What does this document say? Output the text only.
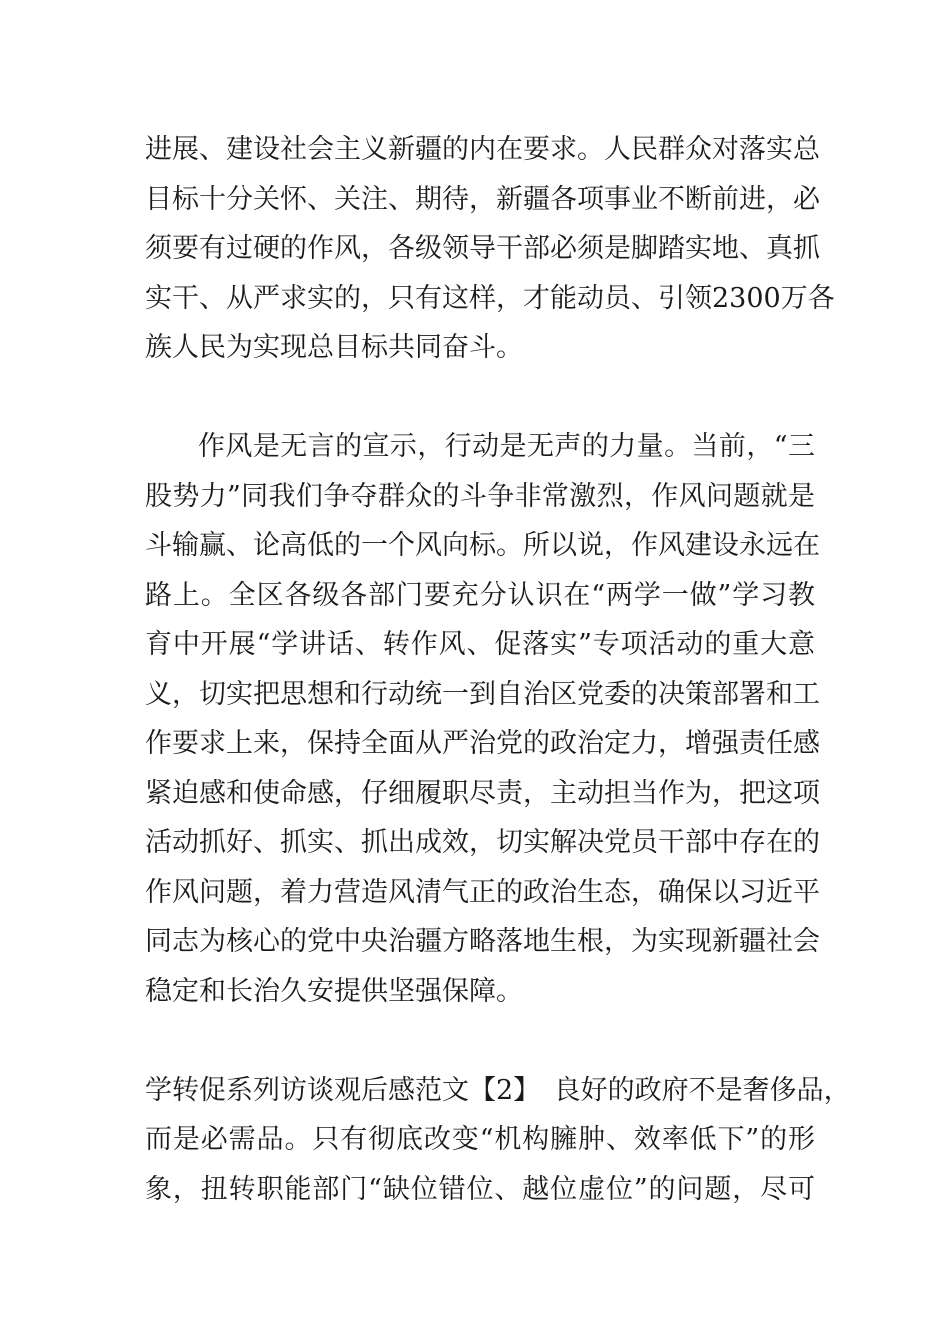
进展、建设社会主义新疆的内在要求。人民群众对落实总
目标十分关怀、关注、期待，新疆各项事业不断前进，必
须要有过硬的作风，各级领导干部必须是脚踏实地、真抓
实干、从严求实的，只有这样，才能动员、引领2300万各
族人民为实现总目标共同奋斗。
作风是无言的宣示，行动是无声的力量。当前，“三
股势力”同我们争夺群众的斗争非常激烈，作风问题就是
斗输赢、论高低的一个风向标。所以说，作风建设永远在
路上。全区各级各部门要充分认识在“两学一做”学习教
育中开展“学讲话、转作风、促落实”专项活动的重大意
义，切实把思想和行动统一到自治区党委的决策部署和工
作要求上来，保持全面从严治党的政治定力，增强责任感
紧迫感和使命感，仔细履职尽责，主动担当作为，把这项
活动抓好、抓实、抓出成效，切实解决党员干部中存在的
作风问题，着力营造风清气正的政治生态，确保以习近平
同志为核心的党中央治疆方略落地生根，为实现新疆社会
稳定和长治久安提供坚强保障。
学转促系列访谈观后感范文【2】　良好的政府不是奢侈品，
而是必需品。只有彻底改变“机构臃肿、效率低下”的形
象，扭转职能部门“缺位错位、越位虚位”的问题，尽可
